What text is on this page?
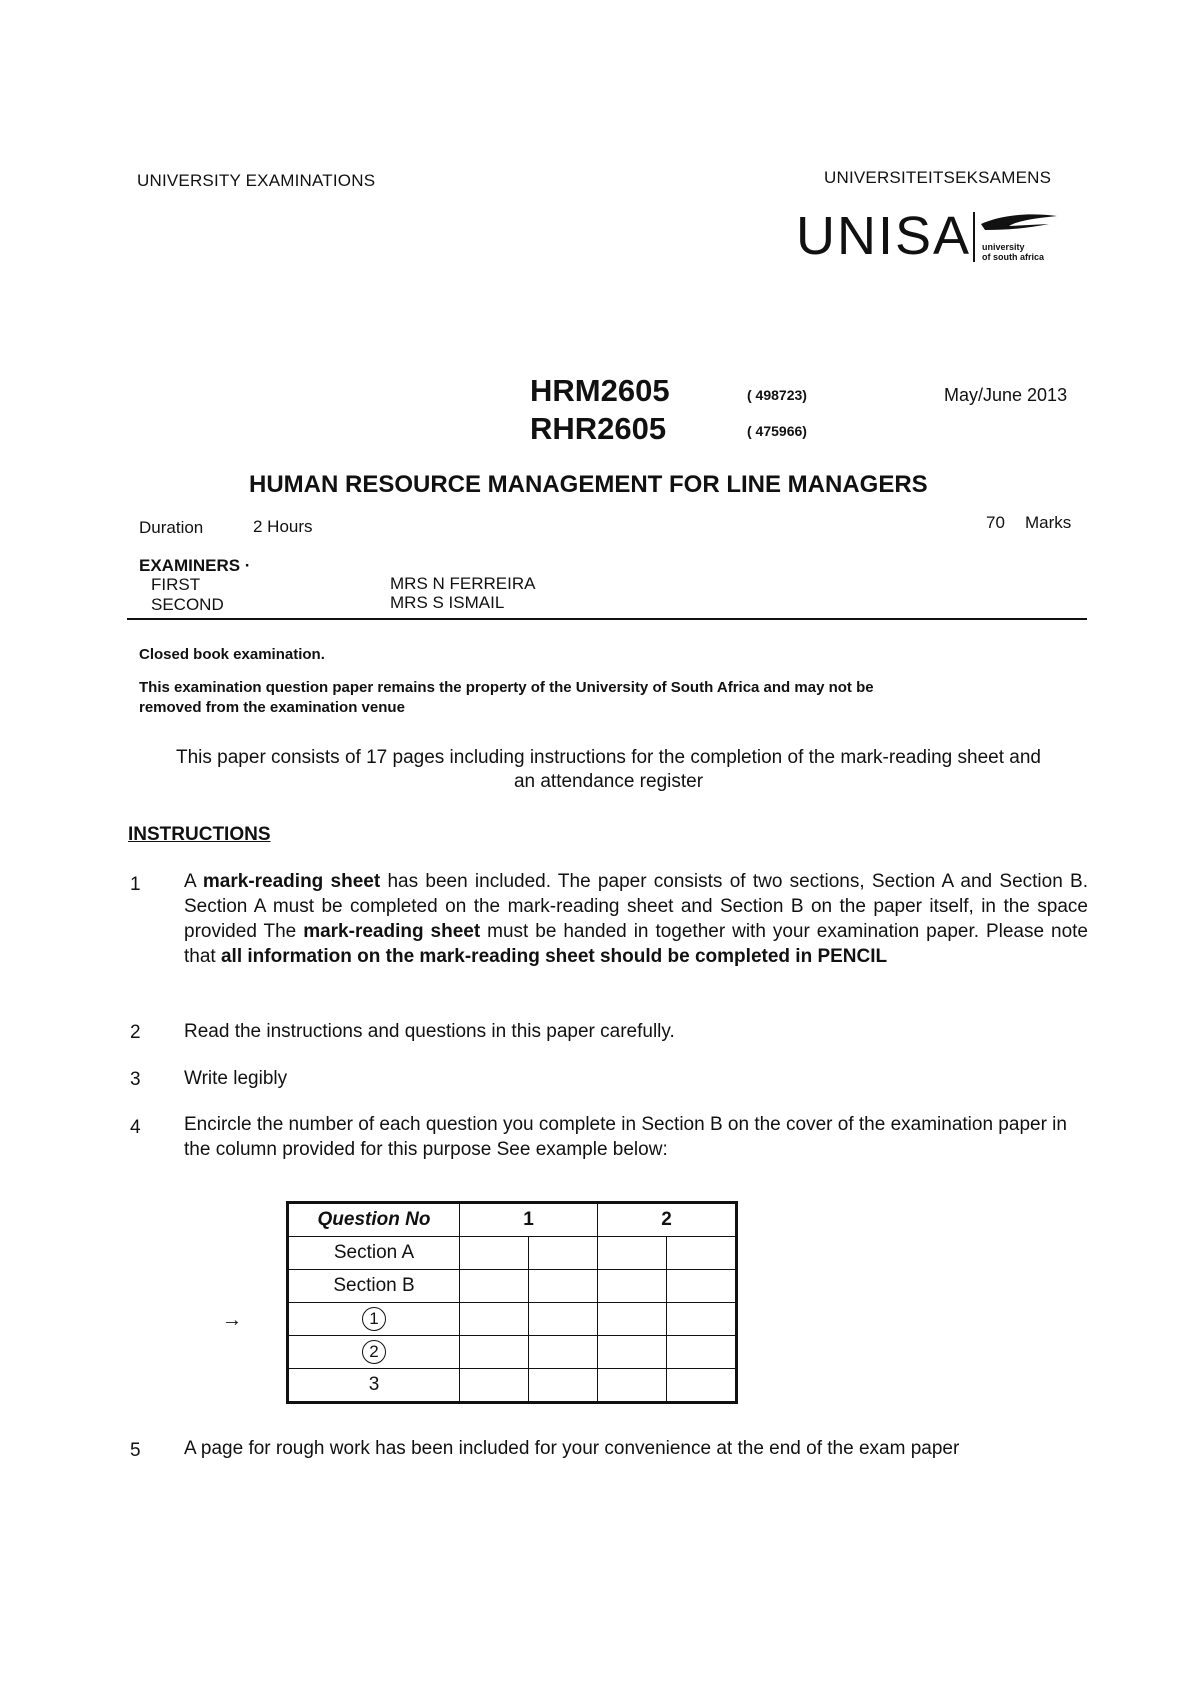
UNIVERSITY EXAMINATIONS	UNIVERSITEITSEKSAMENS
UNISA university
of south africa
HRM2605	( 498723)
RHR2605	( 475966)
May/June 2013
HUMAN RESOURCE MANAGEMENT FOR LINE MANAGERS
Duration	2 Hours	70 Marks
EXAMINERS ·
FIRST	MRS N FERREIRA
SECOND	MRS S ISMAIL
Closed book examination.
This examination question paper remains the property of the University of South Africa and may not be
removed from the examination venue
This paper consists of 17 pages including instructions for the completion of the mark-reading sheet and
an attendance register
INSTRUCTIONS
1 A mark-reading sheet has been included. The paper consists of two sections, Section A and Section B. Section A must be completed on the mark-reading sheet and Section B on the paper itself, in the space provided The mark-reading sheet must be handed in together with your examination paper. Please note that all information on the mark-reading sheet should be completed in PENCIL
2 Read the instructions and questions in this paper carefully.
3 Write legibly
4 Encircle the number of each question you complete in Section B on the cover of the examination paper in the column provided for this purpose See example below:
→
Question No	1		2	
Section A				
Section B				
1				
2				
3				
5 A page for rough work has been included for your convenience at the end of the exam paper
